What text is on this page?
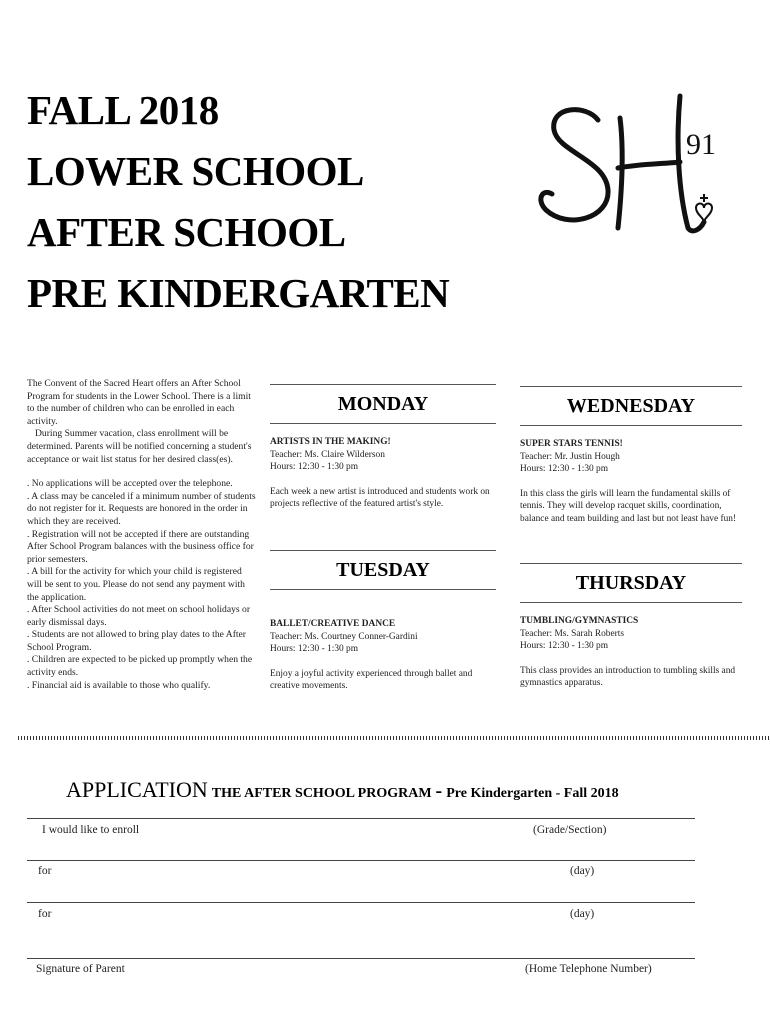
FALL 2018
LOWER SCHOOL
AFTER SCHOOL
PRE KINDERGARTEN
91

The Convent of the Sacred Heart offers an After School Program for students in the Lower School. There is a limit to the number of children who can be enrolled in each activity.

During Summer vacation, class enrollment will be determined. Parents will be notified concerning a student's acceptance or wait list status for her desired class(es).

. No applications will be accepted over the telephone.

. A class may be canceled if a minimum number of students do not register for it. Requests are honored in the order in which they are received.

. Registration will not be accepted if there are outstanding After School Program balances with the business office for prior semesters.

. A bill for the activity for which your child is registered will be sent to you. Please do not send any payment with the application.

. After School activities do not meet on school holidays or early dismissal days.

. Students are not allowed to bring play dates to the After School Program.

. Children are expected to be picked up promptly when the activity ends.

. Financial aid is available to those who qualify.

MONDAY
ARTISTS IN THE MAKING!
Teacher: Ms. Claire Wilderson
Hours: 12:30 - 1:30 pm
Each week a new artist is introduced and students work on projects reflective of the featured artist's style.
TUESDAY
BALLET/CREATIVE DANCE
Teacher: Ms. Courtney Conner-Gardini
Hours: 12:30 - 1:30 pm
Enjoy a joyful activity experienced through ballet and creative movements.
WEDNESDAY
SUPER STARS TENNIS!
Teacher: Mr. Justin Hough
Hours: 12:30 - 1:30 pm
In this class the girls will learn the fundamental skills of tennis. They will develop racquet skills, coordination, balance and team building and last but not least have fun!
THURSDAY
TUMBLING/GYMNASTICS
Teacher: Ms. Sarah Roberts
Hours: 12:30 - 1:30 pm
This class provides an introduction to tumbling skills and gymnastics apparatus.
APPLICATION THE AFTER SCHOOL PROGRAM - Pre Kindergarten - Fall 2018
I would like to enroll	(Grade/Section)
for	(day)
for	(day)
Signature of Parent	(Home Telephone Number)
